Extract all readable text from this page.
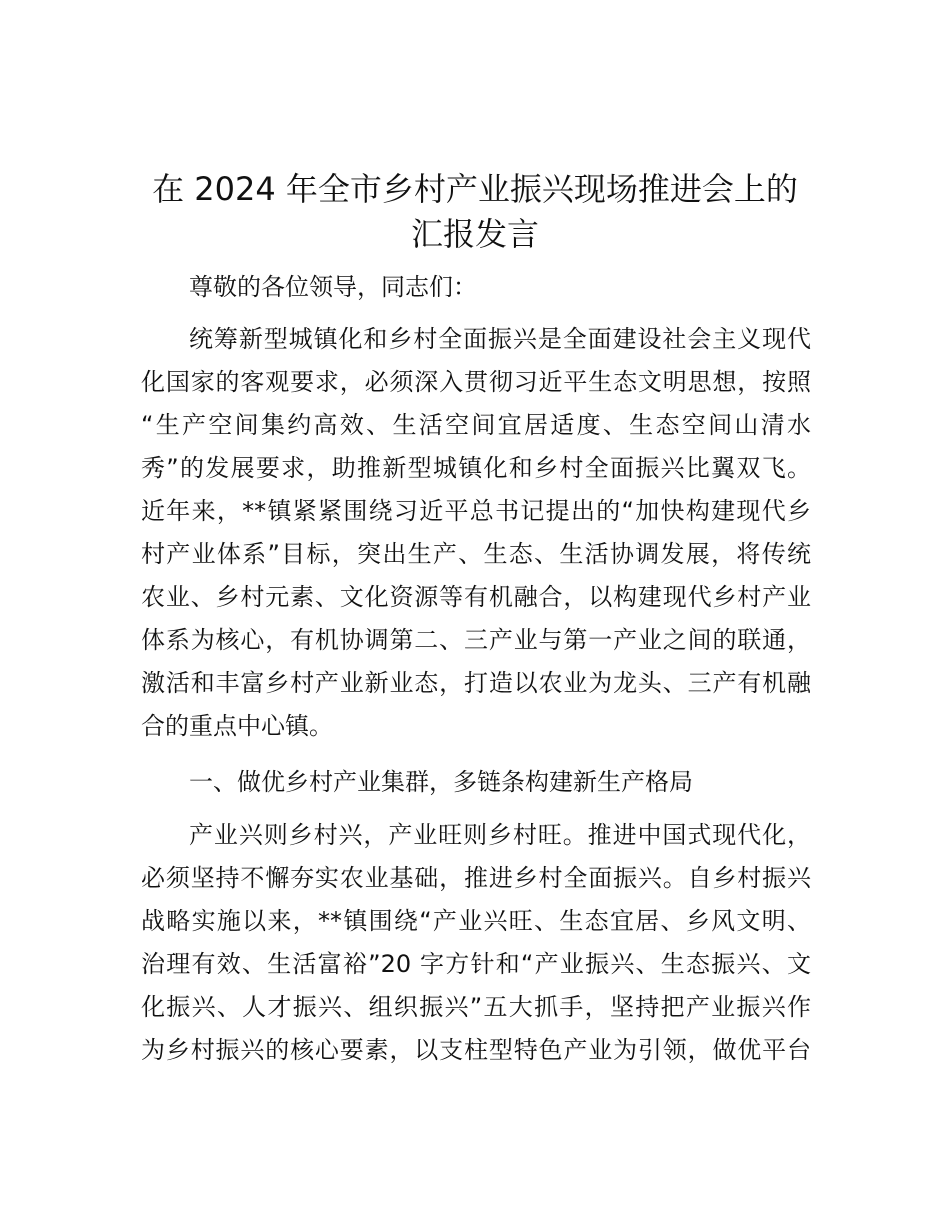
在 2024 年全市乡村产业振兴现场推进会上的
汇报发言
尊敬的各位领导，同志们：
统筹新型城镇化和乡村全面振兴是全面建设社会主义现代
化国家的客观要求，必须深入贯彻习近平生态文明思想，按照
“生产空间集约高效、生活空间宜居适度、生态空间山清水
秀”的发展要求，助推新型城镇化和乡村全面振兴比翼双飞。
近年来，**镇紧紧围绕习近平总书记提出的“加快构建现代乡
村产业体系”目标，突出生产、生态、生活协调发展，将传统
农业、乡村元素、文化资源等有机融合，以构建现代乡村产业
体系为核心，有机协调第二、三产业与第一产业之间的联通，
激活和丰富乡村产业新业态，打造以农业为龙头、三产有机融
合的重点中心镇。
一、做优乡村产业集群，多链条构建新生产格局
产业兴则乡村兴，产业旺则乡村旺。推进中国式现代化，
必须坚持不懈夯实农业基础，推进乡村全面振兴。自乡村振兴
战略实施以来，**镇围绕“产业兴旺、生态宜居、乡风文明、
治理有效、生活富裕”20 字方针和“产业振兴、生态振兴、文
化振兴、人才振兴、组织振兴”五大抓手，坚持把产业振兴作
为乡村振兴的核心要素，以支柱型特色产业为引领，做优平台
